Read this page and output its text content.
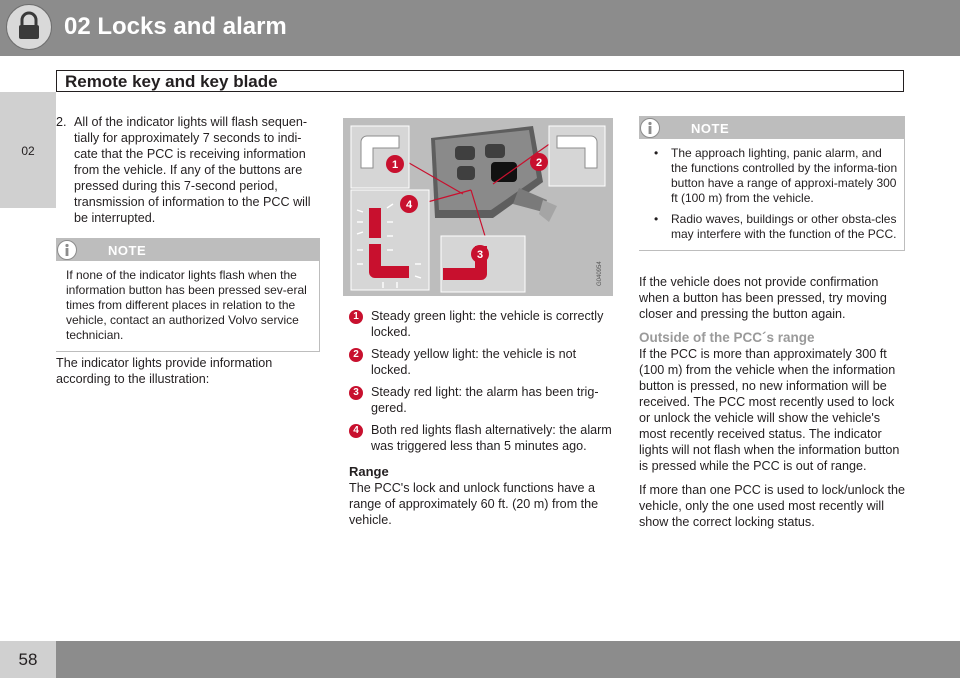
02 Locks and alarm
Remote key and key blade
02
2. All of the indicator lights will flash sequen-tially for approximately 7 seconds to indi-cate that the PCC is receiving information from the vehicle. If any of the buttons are pressed during this 7-second period, transmission of information to the PCC will be interrupted.
NOTE
If none of the indicator lights flash when the information button has been pressed sev-eral times from different places in relation to the vehicle, contact an authorized Volvo service technician.

The indicator lights provide information according to the illustration:

1	2
3
4
G040954
1 Steady green light: the vehicle is correctly locked.
2 Steady yellow light: the vehicle is not locked.
3 Steady red light: the alarm has been trig-gered.
4 Both red lights flash alternatively: the alarm was triggered less than 5 minutes ago.
Range

The PCC's lock and unlock functions have a range of approximately 60 ft. (20 m) from the vehicle.

NOTE
• The approach lighting, panic alarm, and the functions controlled by the informa-tion button have a range of approxi-mately 300 ft (100 m) from the vehicle.
• Radio waves, buildings or other obsta-cles may interfere with the function of the PCC.

If the vehicle does not provide confirmation when a button has been pressed, try moving closer and pressing the button again.

Outside of the PCC´s range

If the PCC is more than approximately 300 ft (100 m) from the vehicle when the information button is pressed, no new information will be received. The PCC most recently used to lock or unlock the vehicle will show the vehicle's most recently received status. The indicator lights will not flash when the information button is pressed while the PCC is out of range.

If more than one PCC is used to lock/unlock the vehicle, only the one used most recently will show the correct locking status.

58
